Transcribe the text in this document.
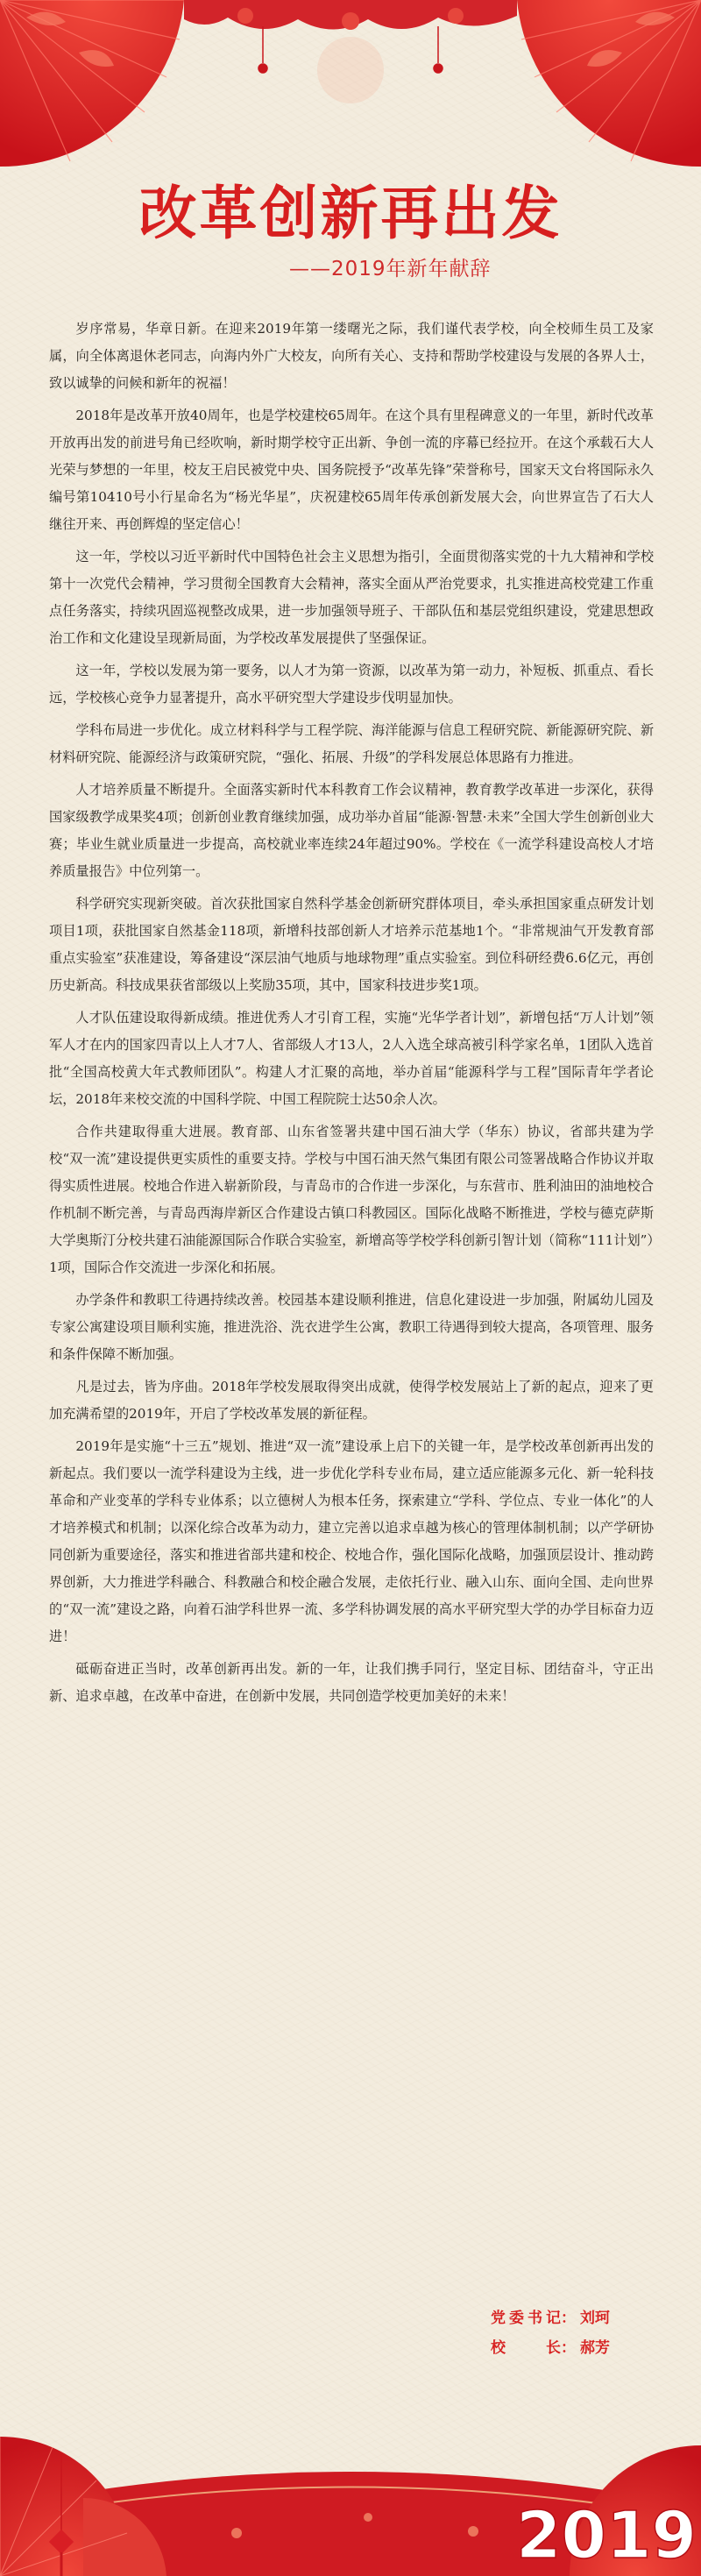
改革创新再出发
——2019年新年献辞

岁序常易，华章日新。在迎来2019年第一缕曙光之际，我们谨代表学校，向全校师生员工及家属，向全体离退休老同志，向海内外广大校友，向所有关心、支持和帮助学校建设与发展的各界人士，致以诚挚的问候和新年的祝福！

2018年是改革开放40周年，也是学校建校65周年。在这个具有里程碑意义的一年里，新时代改革开放再出发的前进号角已经吹响，新时期学校守正出新、争创一流的序幕已经拉开。在这个承载石大人光荣与梦想的一年里，校友王启民被党中央、国务院授予“改革先锋”荣誉称号，国家天文台将国际永久编号第10410号小行星命名为“杨光华星”，庆祝建校65周年传承创新发展大会，向世界宣告了石大人继往开来、再创辉煌的坚定信心！

这一年，学校以习近平新时代中国特色社会主义思想为指引，全面贯彻落实党的十九大精神和学校第十一次党代会精神，学习贯彻全国教育大会精神，落实全面从严治党要求，扎实推进高校党建工作重点任务落实，持续巩固巡视整改成果，进一步加强领导班子、干部队伍和基层党组织建设，党建思想政治工作和文化建设呈现新局面，为学校改革发展提供了坚强保证。

这一年，学校以发展为第一要务，以人才为第一资源，以改革为第一动力，补短板、抓重点、看长远，学校核心竞争力显著提升，高水平研究型大学建设步伐明显加快。

学科布局进一步优化。成立材料科学与工程学院、海洋能源与信息工程研究院、新能源研究院、新材料研究院、能源经济与政策研究院，“强化、拓展、升级”的学科发展总体思路有力推进。

人才培养质量不断提升。全面落实新时代本科教育工作会议精神，教育教学改革进一步深化，获得国家级教学成果奖4项；创新创业教育继续加强，成功举办首届“能源·智慧·未来”全国大学生创新创业大赛；毕业生就业质量进一步提高，高校就业率连续24年超过90%。学校在《一流学科建设高校人才培养质量报告》中位列第一。

科学研究实现新突破。首次获批国家自然科学基金创新研究群体项目，牵头承担国家重点研发计划项目1项，获批国家自然基金118项，新增科技部创新人才培养示范基地1个。“非常规油气开发教育部重点实验室”获准建设，筹备建设“深层油气地质与地球物理”重点实验室。到位科研经费6.6亿元，再创历史新高。科技成果获省部级以上奖励35项，其中，国家科技进步奖1项。

人才队伍建设取得新成绩。推进优秀人才引育工程，实施“光华学者计划”，新增包括“万人计划”领军人才在内的国家四青以上人才7人、省部级人才13人，2人入选全球高被引科学家名单，1团队入选首批“全国高校黄大年式教师团队”。构建人才汇聚的高地，举办首届“能源科学与工程”国际青年学者论坛，2018年来校交流的中国科学院、中国工程院院士达50余人次。

合作共建取得重大进展。教育部、山东省签署共建中国石油大学（华东）协议，省部共建为学校“双一流”建设提供更实质性的重要支持。学校与中国石油天然气集团有限公司签署战略合作协议并取得实质性进展。校地合作进入崭新阶段，与青岛市的合作进一步深化，与东营市、胜利油田的油地校合作机制不断完善，与青岛西海岸新区合作建设古镇口科教园区。国际化战略不断推进，学校与德克萨斯大学奥斯汀分校共建石油能源国际合作联合实验室，新增高等学校学科创新引智计划（简称“111计划”）1项，国际合作交流进一步深化和拓展。

办学条件和教职工待遇持续改善。校园基本建设顺利推进，信息化建设进一步加强，附属幼儿园及专家公寓建设项目顺利实施，推进洗浴、洗衣进学生公寓，教职工待遇得到较大提高，各项管理、服务和条件保障不断加强。

凡是过去，皆为序曲。2018年学校发展取得突出成就，使得学校发展站上了新的起点，迎来了更加充满希望的2019年，开启了学校改革发展的新征程。

2019年是实施“十三五”规划、推进“双一流”建设承上启下的关键一年，是学校改革创新再出发的新起点。我们要以一流学科建设为主线，进一步优化学科专业布局，建立适应能源多元化、新一轮科技革命和产业变革的学科专业体系；以立德树人为根本任务，探索建立“学科、学位点、专业一体化”的人才培养模式和机制；以深化综合改革为动力，建立完善以追求卓越为核心的管理体制机制；以产学研协同创新为重要途径，落实和推进省部共建和校企、校地合作，强化国际化战略，加强顶层设计、推动跨界创新，大力推进学科融合、科教融合和校企融合发展，走依托行业、融入山东、面向全国、走向世界的“双一流”建设之路，向着石油学科世界一流、多学科协调发展的高水平研究型大学的办学目标奋力迈进！

砥砺奋进正当时，改革创新再出发。新的一年，让我们携手同行，坚定目标、团结奋斗，守正出新、追求卓越，在改革中奋进，在创新中发展，共同创造学校更加美好的未来！

党委书记 ： 刘珂
校长 ： 郝芳
2019
